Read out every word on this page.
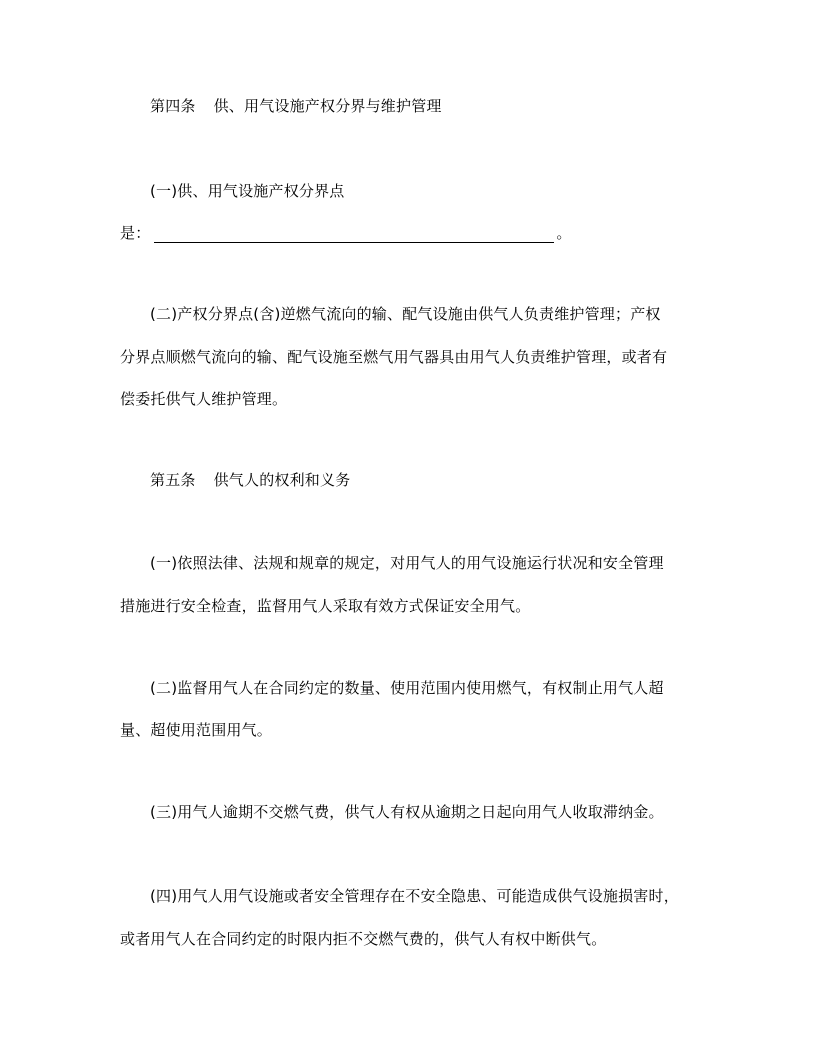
第四条 供、用气设施产权分界与维护管理
(一)供、用气设施产权分界点
是：	。
(二)产权分界点(含)逆燃气流向的输、配气设施由供气人负责维护管理；产权
分界点顺燃气流向的输、配气设施至燃气用气器具由用气人负责维护管理，或者有
偿委托供气人维护管理。
第五条 供气人的权利和义务
(一)依照法律、法规和规章的规定，对用气人的用气设施运行状况和安全管理
措施进行安全检查，监督用气人采取有效方式保证安全用气。
(二)监督用气人在合同约定的数量、使用范围内使用燃气，有权制止用气人超
量、超使用范围用气。
(三)用气人逾期不交燃气费，供气人有权从逾期之日起向用气人收取滞纳金。
(四)用气人用气设施或者安全管理存在不安全隐患、可能造成供气设施损害时，
或者用气人在合同约定的时限内拒不交燃气费的，供气人有权中断供气。
